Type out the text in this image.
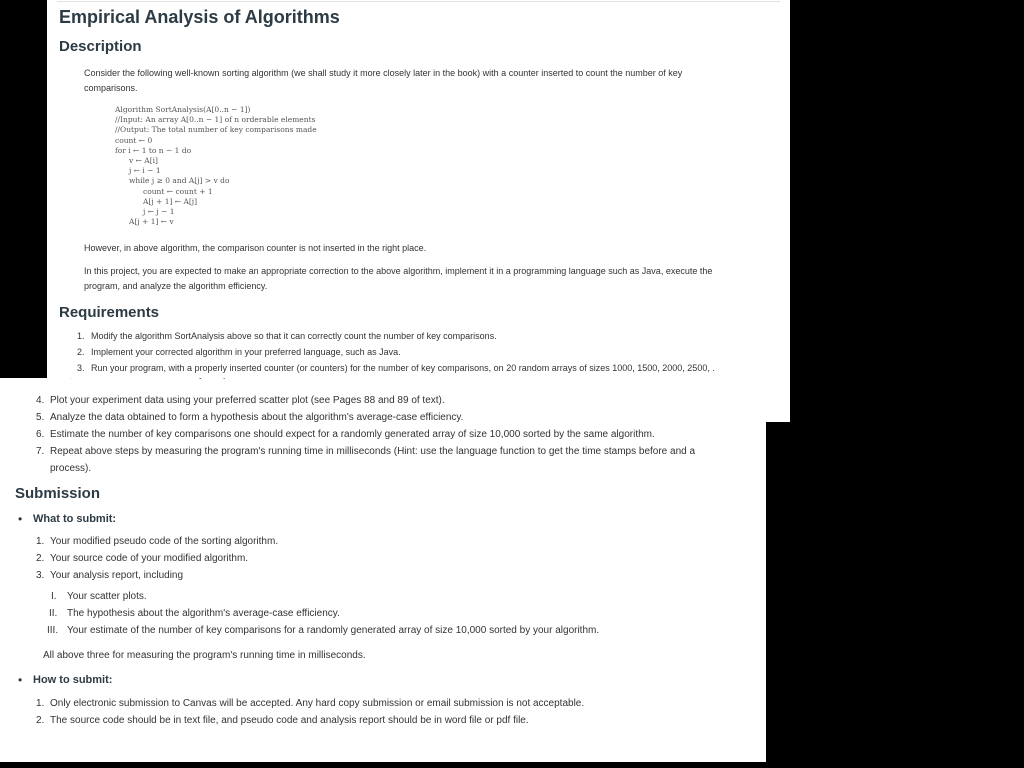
Empirical Analysis of Algorithms
Description
Consider the following well-known sorting algorithm (we shall study it more closely later in the book) with a counter inserted to count the number of key
comparisons.
Algorithm SortAnalysis(A[0..n − 1])
//Input: An array A[0..n − 1] of n orderable elements
//Output: The total number of key comparisons made
count ← 0
for i ← 1 to n − 1 do
v ← A[i]
j ← i − 1
while j ≥ 0 and A[j] > v do
count ← count + 1
A[j + 1] ← A[j]
j ← j − 1
A[j + 1] ← v
However, in above algorithm, the comparison counter is not inserted in the right place.
In this project, you are expected to make an appropriate correction to the above algorithm, implement it in a programming language such as Java, execute the
program, and analyze the algorithm efficiency.
Requirements
1. Modify the algorithm SortAnalysis above so that it can correctly count the number of key comparisons.
2. Implement your corrected algorithm in your preferred language, such as Java.
3. Run your program, with a properly inserted counter (or counters) for the number of key comparisons, on 20 random arrays of sizes 1000, 1500, 2000, 2500, .
4. Plot your experiment data using your preferred scatter plot (see Pages 88 and 89 of text).
5. Analyze the data obtained to form a hypothesis about the algorithm's average-case efficiency.
6. Estimate the number of key comparisons one should expect for a randomly generated array of size 10,000 sorted by the same algorithm.
7. Repeat above steps by measuring the program's running time in milliseconds (Hint: use the language function to get the time stamps before and a
process).
Submission
• What to submit:
1. Your modified pseudo code of the sorting algorithm.
2. Your source code of your modified algorithm.
3. Your analysis report, including
I. Your scatter plots.
II. The hypothesis about the algorithm's average-case efficiency.
III. Your estimate of the number of key comparisons for a randomly generated array of size 10,000 sorted by your algorithm.
All above three for measuring the program's running time in milliseconds.
• How to submit:
1. Only electronic submission to Canvas will be accepted. Any hard copy submission or email submission is not acceptable.
2. The source code should be in text file, and pseudo code and analysis report should be in word file or pdf file.
